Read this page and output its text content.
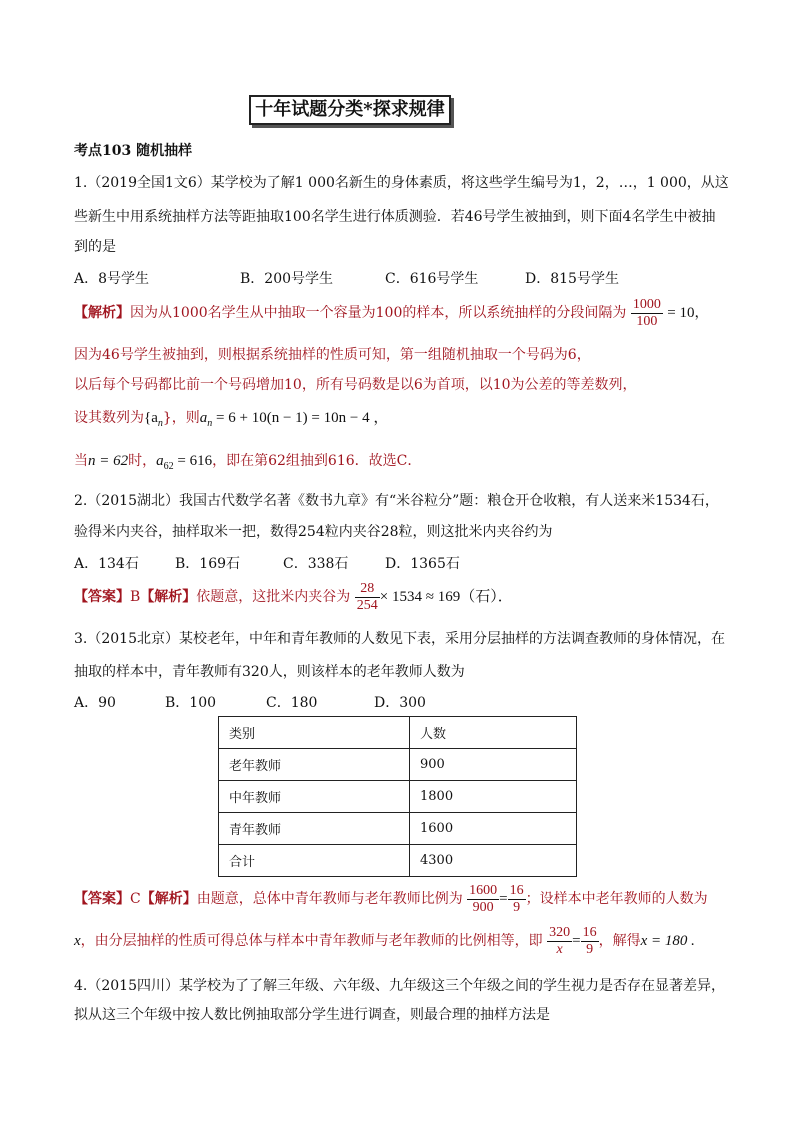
十年试题分类*探求规律
考点103 随机抽样
1.（2019全国1文6）某学校为了解1 000名新生的身体素质，将这些学生编号为1，2，…，1 000，从这
些新生中用系统抽样方法等距抽取100名学生进行体质测验．若46号学生被抽到，则下面4名学生中被抽
到的是
A．8号学生	B．200号学生	C．616号学生	D．815号学生
【解析】因为从1000名学生从中抽取一个容量为100的样本，所以系统抽样的分段间隔为 $\frac{1000}{100} = 10$，
因为46号学生被抽到，则根据系统抽样的性质可知，第一组随机抽取一个号码为6，
以后每个号码都比前一个号码增加10，所有号码数是以6为首项，以10为公差的等差数列，
设其数列为$\{a_n\}$，则$a_n = 6 + 10(n - 1) = 10n - 4$ ，
当n = 62时，$a_{62} = 616$，即在第62组抽到616．故选C．
2.（2015湖北）我国古代数学名著《数书九章》有“米谷粒分”题：粮仓开仓收粮，有人送来米1534石，
验得米内夹谷，抽样取米一把，数得254粒内夹谷28粒，则这批米内夹谷约为
A．134石	B．169石	C．338石	D．1365石
【答案】B【解析】依题意，这批米内夹谷为 $\frac{28}{254} \times 1534 \approx 169$（石）．
3.（2015北京）某校老年，中年和青年教师的人数见下表，采用分层抽样的方法调查教师的身体情况，在
抽取的样本中，青年教师有320人，则该样本的老年教师人数为
A．90	B．100	C．180	D．300
类别	人数
老年教师	900
中年教师	1800
青年教师	1600
合计	4300
【答案】C【解析】由题意，总体中青年教师与老年教师比例为 $\frac{1600}{900} = \frac{16}{9}$ ；设样本中老年教师的人数为
x，由分层抽样的性质可得总体与样本中青年教师与老年教师的比例相等，即 $\frac{320}{x} = \frac{16}{9}$ ，解得x = 180 .
4.（2015四川）某学校为了了解三年级、六年级、九年级这三个年级之间的学生视力是否存在显著差异，
拟从这三个年级中按人数比例抽取部分学生进行调查，则最合理的抽样方法是
